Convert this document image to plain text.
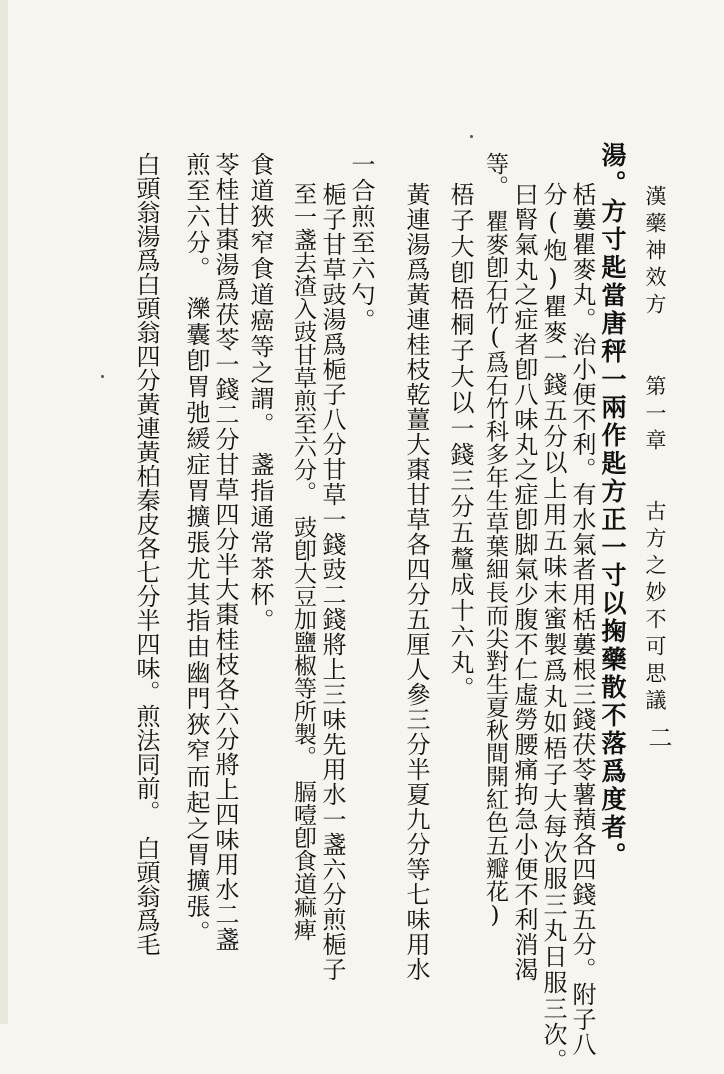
漢藥神效方
第一章
古方之妙不可思議
二
湯。方寸匙當唐秤一兩作匙方正一寸以掬藥散不落爲度者。
栝蔞瞿麥丸。治小便不利。有水氣者用栝蔞根三錢茯苓薯蕷各四錢五分。附子八
分(炮)瞿麥一錢五分以上用五味末蜜製爲丸如梧子大每次服三丸日服三次。
曰腎氣丸之症者卽八味丸之症卽脚氣少腹不仁虛勞腰痛拘急小便不利消渴
等。　瞿麥卽石竹(爲石竹科多年生草葉細長而尖對生夏秋間開紅色五瓣花)
梧子大卽梧桐子大以一錢三分五釐成十六丸。
黃連湯爲黃連桂枝乾薑大棗甘草各四分五厘人參三分半夏九分等七味用水
一合煎至六勺。
梔子甘草豉湯爲梔子八分甘草一錢豉二錢將上三味先用水一盞六分煎梔子
至一盞去渣入豉甘草煎至六分。　豉卽大豆加鹽椒等所製。　膈噎卽食道痲痺
食道狹窄食道癌等之謂。　盞指通常茶杯。
苓桂甘棗湯爲茯苓一錢二分甘草四分半大棗桂枝各六分將上四味用水二盞
煎至六分。　濼囊卽胃弛緩症胃擴張尤其指由幽門狹窄而起之胃擴張。
白頭翁湯爲白頭翁四分黃連黃柏秦皮各七分半四味。煎法同前。　白頭翁爲毛
